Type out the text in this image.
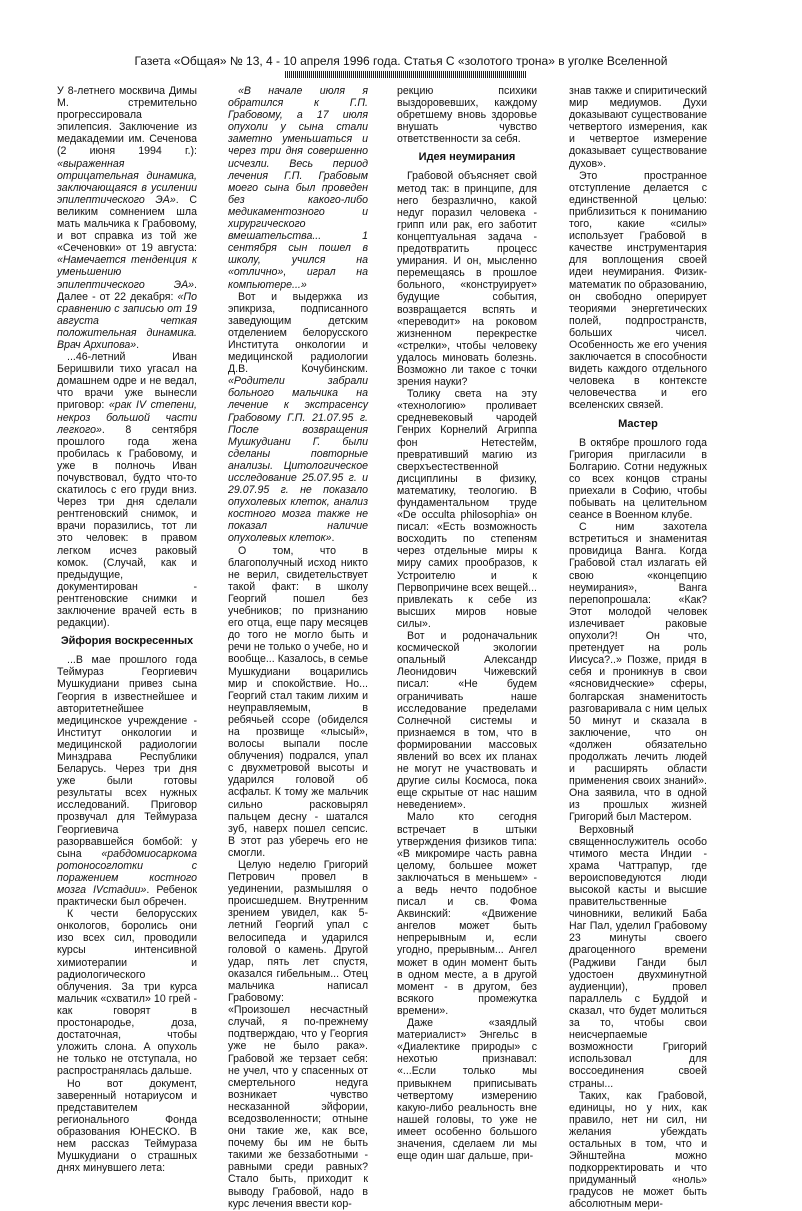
Газета «Общая» № 13, 4 - 10 апреля 1996 года. Статья С «золотого трона» в уголке Вселенной

У 8-летнего москвича Димы М. стремительно прогрессировала эпилепсия. Заключение из медакадемии им. Сеченова (2 июня 1994 г.): «выраженная отрицательная динамика, заключающаяся в усилении эпилептического ЭА». С великим сомнением шла мать мальчика к Грабовому, и вот справка из той же «Сеченовки» от 19 августа: «Намечается тенденция к уменьшению эпилептического ЭА». Далее - от 22 декабря: «По сравнению с записью от 19 августа четкая положительная динамика. Врач Архипова».

...46-летний Иван Беришвили тихо угасал на домашнем одре и не ведал, что врачи уже вынесли приговор: «рак IV степени, некроз большой части легкого». 8 сентября прошлого года жена пробилась к Грабовому, и уже в полночь Иван почувствовал, будто что-то скатилось с его груди вниз. Через три дня сделали рентгеновский снимок, и врачи поразились, тот ли это человек: в правом легком исчез раковый комок. (Случай, как и предыдущие, документирован - рентгеновские снимки и заключение врачей есть в редакции).

Эйфория воскресенных

...В мае прошлого года Теймураз Георгиевич Мушкудиани привез сына Георгия в известнейшее и авторитетнейшее медицинское учреждение - Институт онкологии и медицинской радиологии Минздрава Республики Беларусь. Через три дня уже были готовы результаты всех нужных исследований. Приговор прозвучал для Теймураза Георгиевича разорвавшейся бомбой: у сына «рабдомиосаркома ротоносоглотки с поражением костного мозга IVстадии». Ребенок практически был обречен.

К чести белорусских онкологов, боролись они изо всех сил, проводили курсы интенсивной химиотерапии и радиологического облучения. За три курса мальчик «схватил» 10 грей - как говорят в простонародье, доза, достаточная, чтобы уложить слона. А опухоль не только не отступала, но распространялась дальше.

Но вот документ, заверенный нотариусом и представителем регионального Фонда образования ЮНЕСКО. В нем рассказ Теймураза Мушкудиани о страшных днях минувшего лета:

«В начале июля я обратился к Г.П. Грабовому, а 17 июля опухоли у сына стали заметно уменьшаться и через три дня совершенно исчезли. Весь период лечения Г.П. Грабовым моего сына был проведен без какого-либо медикаментозного и хирургического вмешательства... 1 сентября сын пошел в школу, учился на «отлично», играл на компьютере...»

Вот и выдержка из эпикриза, подписанного заведующим детским отделением белорусского Института онкологии и медицинской радиологии Д.В. Кочубинским. «Родители забрали больного мальчика на лечение к экстрасенсу Грабовому Г.П. 21.07.95 г. После возвращения Мушкудиани Г. были сделаны повторные анализы. Цитологическое исследование 25.07.95 г. и 29.07.95 г. не показало опухолевых клеток, анализ костного мозга также не показал наличие опухолевых клеток».

О том, что в благополучный исход никто не верил, свидетельствует такой факт: в школу Георгий пошел без учебников; по признанию его отца, еще пару месяцев до того не могло быть и речи не только о учебе, но и вообще... Казалось, в семье Мушкудиани воцарились мир и спокойствие. Но... Георгий стал таким лихим и неуправляемым, в ребячьей ссоре (обиделся на прозвище «лысый», волосы выпали после облучения) подрался, упал с двухметровой высоты и ударился головой об асфальт. К тому же мальчик сильно расковырял пальцем десну - шатался зуб, наверх пошел сепсис. В этот раз уберечь его не смогли.

Целую неделю Григорий Петрович провел в уединении, размышляя о происшедшем. Внутренним зрением увидел, как 5-летний Георгий упал с велосипеда и ударился головой о камень. Другой удар, пять лет спустя, оказался гибельным... Отец мальчика написал Грабовому:

«Произошел несчастный случай, я по-прежнему подтверждаю, что у Георгия уже не было рака». Грабовой же терзает себя: не учел, что у спасенных от смертельного недуга возникает чувство несказанной эйфории, вседозволенности; отныне они такие же, как все, почему бы им не быть такими же беззаботными - равными среди равных? Стало быть, приходит к выводу Грабовой, надо в курс лечения ввести кор-

рекцию психики выздоровевших, каждому обретшему вновь здоровье внушать чувство ответственности за себя.

Идея неумирания

Грабовой объясняет свой метод так: в принципе, для него безразлично, какой недуг поразил человека - грипп или рак, его заботит концептуальная задача - предотвратить процесс умирания. И он, мысленно перемещаясь в прошлое больного, «конструирует» будущие события, возвращается вспять и «переводит» на роковом жизненном перекрестке «стрелки», чтобы человеку удалось миновать болезнь. Возможно ли такое с точки зрения науки?

Толику света на эту «технологию» проливает средневековый чародей Генрих Корнелий Агриппа фон Нетестейм, превративший магию из сверхъестественной дисциплины в физику, математику, теологию. В фундаментальном труде «De occulta philosophia» он писал: «Есть возможность восходить по степеням через отдельные миры к миру самих прообразов, к Устроителю и к Первопричине всех вещей... привлекать к себе из высших миров новые силы».

Вот и родоначальник космической экологии опальный Александр Леонидович Чижевский писал: «Не будем ограничивать наше исследование пределами Солнечной системы и признаемся в том, что в формировании массовых явлений во всех их планах не могут не участвовать и другие силы Космоса, пока еще скрытые от нас нашим неведением».

Мало кто сегодня встречает в штыки утверждения физиков типа: «В микромире часть равна целому, большее может заключаться в меньшем» - а ведь нечто подобное писал и св. Фома Аквинский: «Движение ангелов может быть непрерывным и, если угодно, прерывным... Ангел может в один момент быть в одном месте, а в другой момент - в другом, без всякого промежутка времени».

Даже «заядлый материалист» Энгельс в «Диалектике природы» с нехотью признавал: «...Если только мы привыкнем приписывать четвертому измерению какую-либо реальность вне нашей головы, то уже не имеет особенно большого значения, сделаем ли мы еще один шаг дальше, при-

знав также и спиритический мир медиумов. Духи доказывают существование четвертого измерения, как и четвертое измерение доказывает существование духов».

Это пространное отступление делается с единственной целью: приблизиться к пониманию того, какие «силы» использует Грабовой в качестве инструментария для воплощения своей идеи неумирания. Физик-математик по образованию, он свободно оперирует теориями энергетических полей, подпространств, больших чисел. Особенность же его учения заключается в способности видеть каждого отдельного человека в контексте человечества и его вселенских связей.

Мастер

В октябре прошлого года Григория пригласили в Болгарию. Сотни недужных со всех концов страны приехали в Софию, чтобы побывать на целительном сеансе в Военном клубе.

С ним захотела встретиться и знаменитая провидица Ванга. Когда Грабовой стал излагать ей свою «концепцию неумирания», Ванга перепопрошала: «Как? Этот молодой человек излечивает раковые опухоли?! Он что, претендует на роль Иисуса?..» Позже, придя в себя и проникнув в свои «ясновидческие» сферы, болгарская знаменитость разговаривала с ним целых 50 минут и сказала в заключение, что он «должен обязательно продолжать лечить людей и расширять области применения своих знаний». Она заявила, что в одной из прошлых жизней Григорий был Мастером.

Верховный священнослужитель особо чтимого места Индии - храма Чаттрапур, где вероисповедуются люди высокой касты и высшие правительственные чиновники, великий Баба Наг Пал, уделил Грабовому 23 минуты своего драгоценного времени (Радживи Ганди был удостоен двухминутной аудиенции), провел параллель с Буддой и сказал, что будет молиться за то, чтобы свои неисчерпаемые возможности Григорий использовал для воссоединения своей страны...

Таких, как Грабовой, единицы, но у них, как правило, нет ни сил, ни желания убеждать остальных в том, что и Эйнштейна можно подкорректировать и что придуманный «ноль» градусов не может быть абсолютным мери-
